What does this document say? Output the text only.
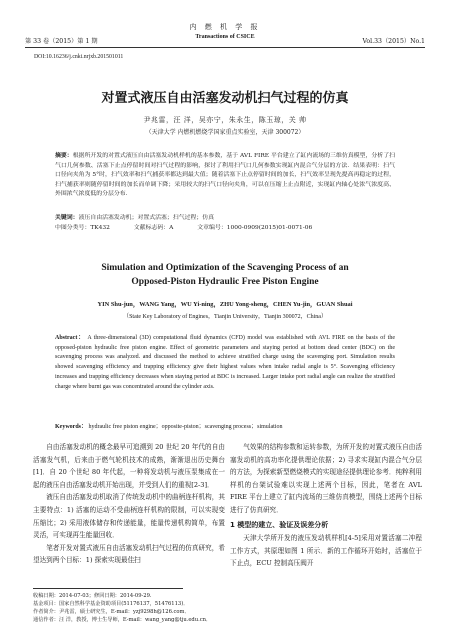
第 33 卷（2015）第 1 期
内 燃 机 学 报
Transactions of CSICE
Vol.33（2015）No.1
DOI:10.16236/j.cnki.nrjxb.201501011
对置式液压自由活塞发动机扫气过程的仿真
尹兆雷，汪 洋，吴亦宁，朱永生，陈玉琼，关 帅
（天津大学 内燃机燃烧学国家重点实验室，天津 300072）
摘要：根据所开发的对置式液压自由活塞发动机样机的基本参数，基于 AVL FIRE 平台建立了缸内流场的三维仿真模型，分析了扫气口几何参数、活塞下止点停留时间对扫气过程的影响，探讨了利用扫气口几何参数实现缸内混合气分层的方法．结果表明：扫气口径向夹角为 5°时，扫气效率和扫气捕获率都达到最大值；随着活塞下止点停留时间的加长，扫气效率呈现先提高再稳定的过程，扫气捕获率则随停留时间的加长而单调下降；采用较大的扫气口径向夹角，可以在压缩上止点附近，实现缸内轴心处浓气浓度高、外围浓气浓度低的分层分布．
关键词：液压自由活塞发动机；对置式活塞；扫气过程；仿真
中图分类号：TK432	文献标志码：A	文章编号：1000-0909(2015)01-0071-06
Simulation and Optimization of the Scavenging Process of an
Opposed-Piston Hydraulic Free Piston Engine
YIN Shu-jun，WANG Yang，WU Yi-ning，ZHU Yong-sheng，CHEN Yu-jin，GUAN Shuai
（State Key Laboratory of Engines，Tianjin University，Tianjin 300072，China）
Abstract： A three-dimensional (3D) computational fluid dynamics (CFD) model was established with AVL FIRE on the basis of the opposed-piston hydraulic free piston engine. Effect of geometric parameters and staying period at bottom dead center (BDC) on the scavenging process was analyzed. and discussed the method to achieve stratified charge using the scavenging port. Simulation results showed scavenging efficiency and trapping efficiency give their highest values when intake radial angle is 5°. Scavenging efficiency increases and trapping efficiency decreases when staying period at BDC is increased. Larger intake port radial angle can realize the stratified charge where burnt gas was concentrated around the cylinder axis.
Keywords： hydraulic free piston engine；opposite-piston；scavenging process；simulation

自由活塞发动机的概念最早可追溯到 20 世纪 20 年代的自由活塞发气机，后来由于燃气轮机技术的成熟，渐渐退出历史舞台[1]．自 20 个世纪 80 年代起，一种将发动机与液压泵集成在一起的液压自由活塞发动机开始出现，并受到人们的重视[2-3]．

液压自由活塞发动机取消了传统发动机中的曲柄连杆机构，其主要特点：1) 活塞的运动不受曲柄连杆机构的限制，可以实现变压缩比；2) 采用液体储存和传递能量，能量传递机构简单，布置灵活，可实现再生能量回收．

笔者开发对置式液压自由活塞发动机扫气过程的仿真研究，希望达到两个目标：1) 探索实现最佳扫

气效果的结构参数和运转参数，为所开发的对置式液压自由活塞发动机的高功率化提供理论依据；2) 寻求实现缸内混合气分层的方法，为探索新型燃烧模式的实现途径提供理论参考．纯粹利用样机的台架试验难以实现上述两个目标，因此，笔者在 AVL FIRE 平台上建立了缸内流场的三维仿真模型，围绕上述两个目标进行了仿真研究．

1 模型的建立、验证及误差分析

天津大学所开发的液压发动机样机[4-5]采用对置活塞二冲程工作方式，其原理如图 1 所示．新的工作循环开始时，活塞位于下止点，ECU 控制高压阀开

收稿日期：2014-07-03；修回日期：2014-09-29.
基金项目：国家自然科学基金资助项目(51176137，51476113)．
作者简介：尹兆雷，硕士研究生，E-mail：yzj9298h@126.com．
通信作者：汪 洋，教授，博士生导师，E-mail：wang_yang@tju.edu.cn．
